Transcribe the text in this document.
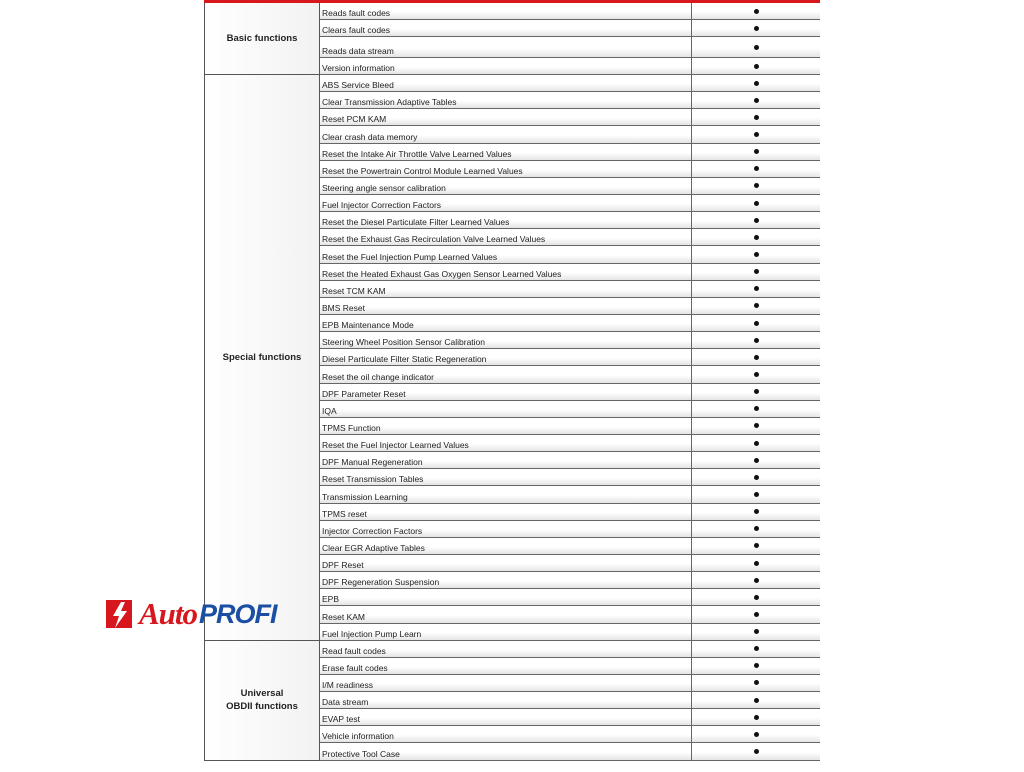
Basic functions
Reads fault codes
Clears fault codes
Reads data stream
Version information
Special functions
ABS Service Bleed
Clear Transmission Adaptive Tables
Reset PCM KAM
Clear crash data memory
Reset the Intake Air Throttle Valve Learned Values
Reset the Powertrain Control Module Learned Values
Steering angle sensor calibration
Fuel Injector Correction Factors
Reset the Diesel Particulate Filter Learned Values
Reset the Exhaust Gas Recirculation Valve Learned Values
Reset the Fuel Injection Pump Learned Values
Reset the Heated Exhaust Gas Oxygen Sensor Learned Values
Reset TCM KAM
BMS Reset
EPB Maintenance Mode
Steering Wheel Position Sensor Calibration
Diesel Particulate Filter Static Regeneration
Reset the oil change indicator
DPF Parameter Reset
IQA
TPMS Function
Reset the Fuel Injector Learned Values
DPF Manual Regeneration
Reset Transmission Tables
Transmission Learning
TPMS reset
Injector Correction Factors
Clear EGR Adaptive Tables
DPF Reset
DPF Regeneration Suspension
EPB
Reset KAM
Fuel Injection Pump Learn
Universal
OBDII functions
Read fault codes
Erase fault codes
I/M readiness
Data stream
EVAP test
Vehicle information
Protective Tool Case
Auto PROFI
